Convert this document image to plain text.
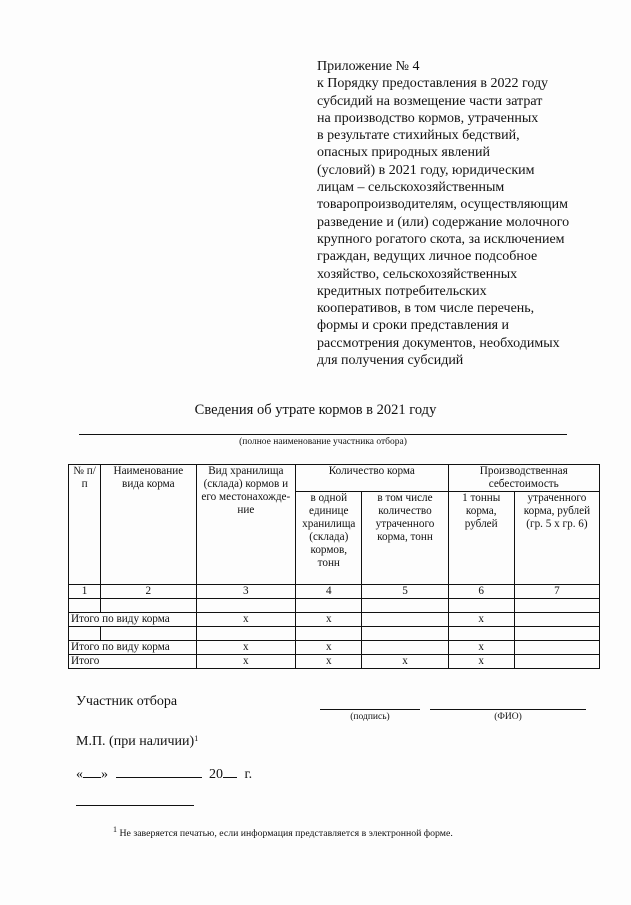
Приложение № 4
к Порядку предоставления в 2022 году
субсидий на возмещение части затрат
на производство кормов, утраченных
в результате стихийных бедствий,
опасных природных явлений
(условий) в 2021 году, юридическим
лицам – сельскохозяйственным
товаропроизводителям, осуществляющим
разведение и (или) содержание молочного
крупного рогатого скота, за исключением
граждан, ведущих личное подсобное
хозяйство, сельскохозяйственных
кредитных потребительских
кооперативов, в том числе перечень,
формы и сроки представления и
рассмотрения документов, необходимых
для получения субсидий
Сведения об утрате кормов в 2021 году
(полное наименование участника отбора)
№ п/п	Наименование вида корма	Вид хранилища (склада) кормов и его местонахожде-ние	Количество корма		Производственная себестоимость	
			в одной единице хранилища (склада) кормов, тонн	в том числе количество утраченного корма, тонн	1 тонны корма, рублей	утраченного корма, рублей (гр. 5 х гр. 6)
1	2	3	4	5	6	7

Итого по виду корма		х	х		х	

Итого по виду корма		х	х		х	
Итого		х	х	х	х	
Участник отбора
(подпись)	(ФИО)
М.П. (при наличии)$^1$
« »	20 г.
$^1$ Не заверяется печатью, если информация представляется в электронной форме.
